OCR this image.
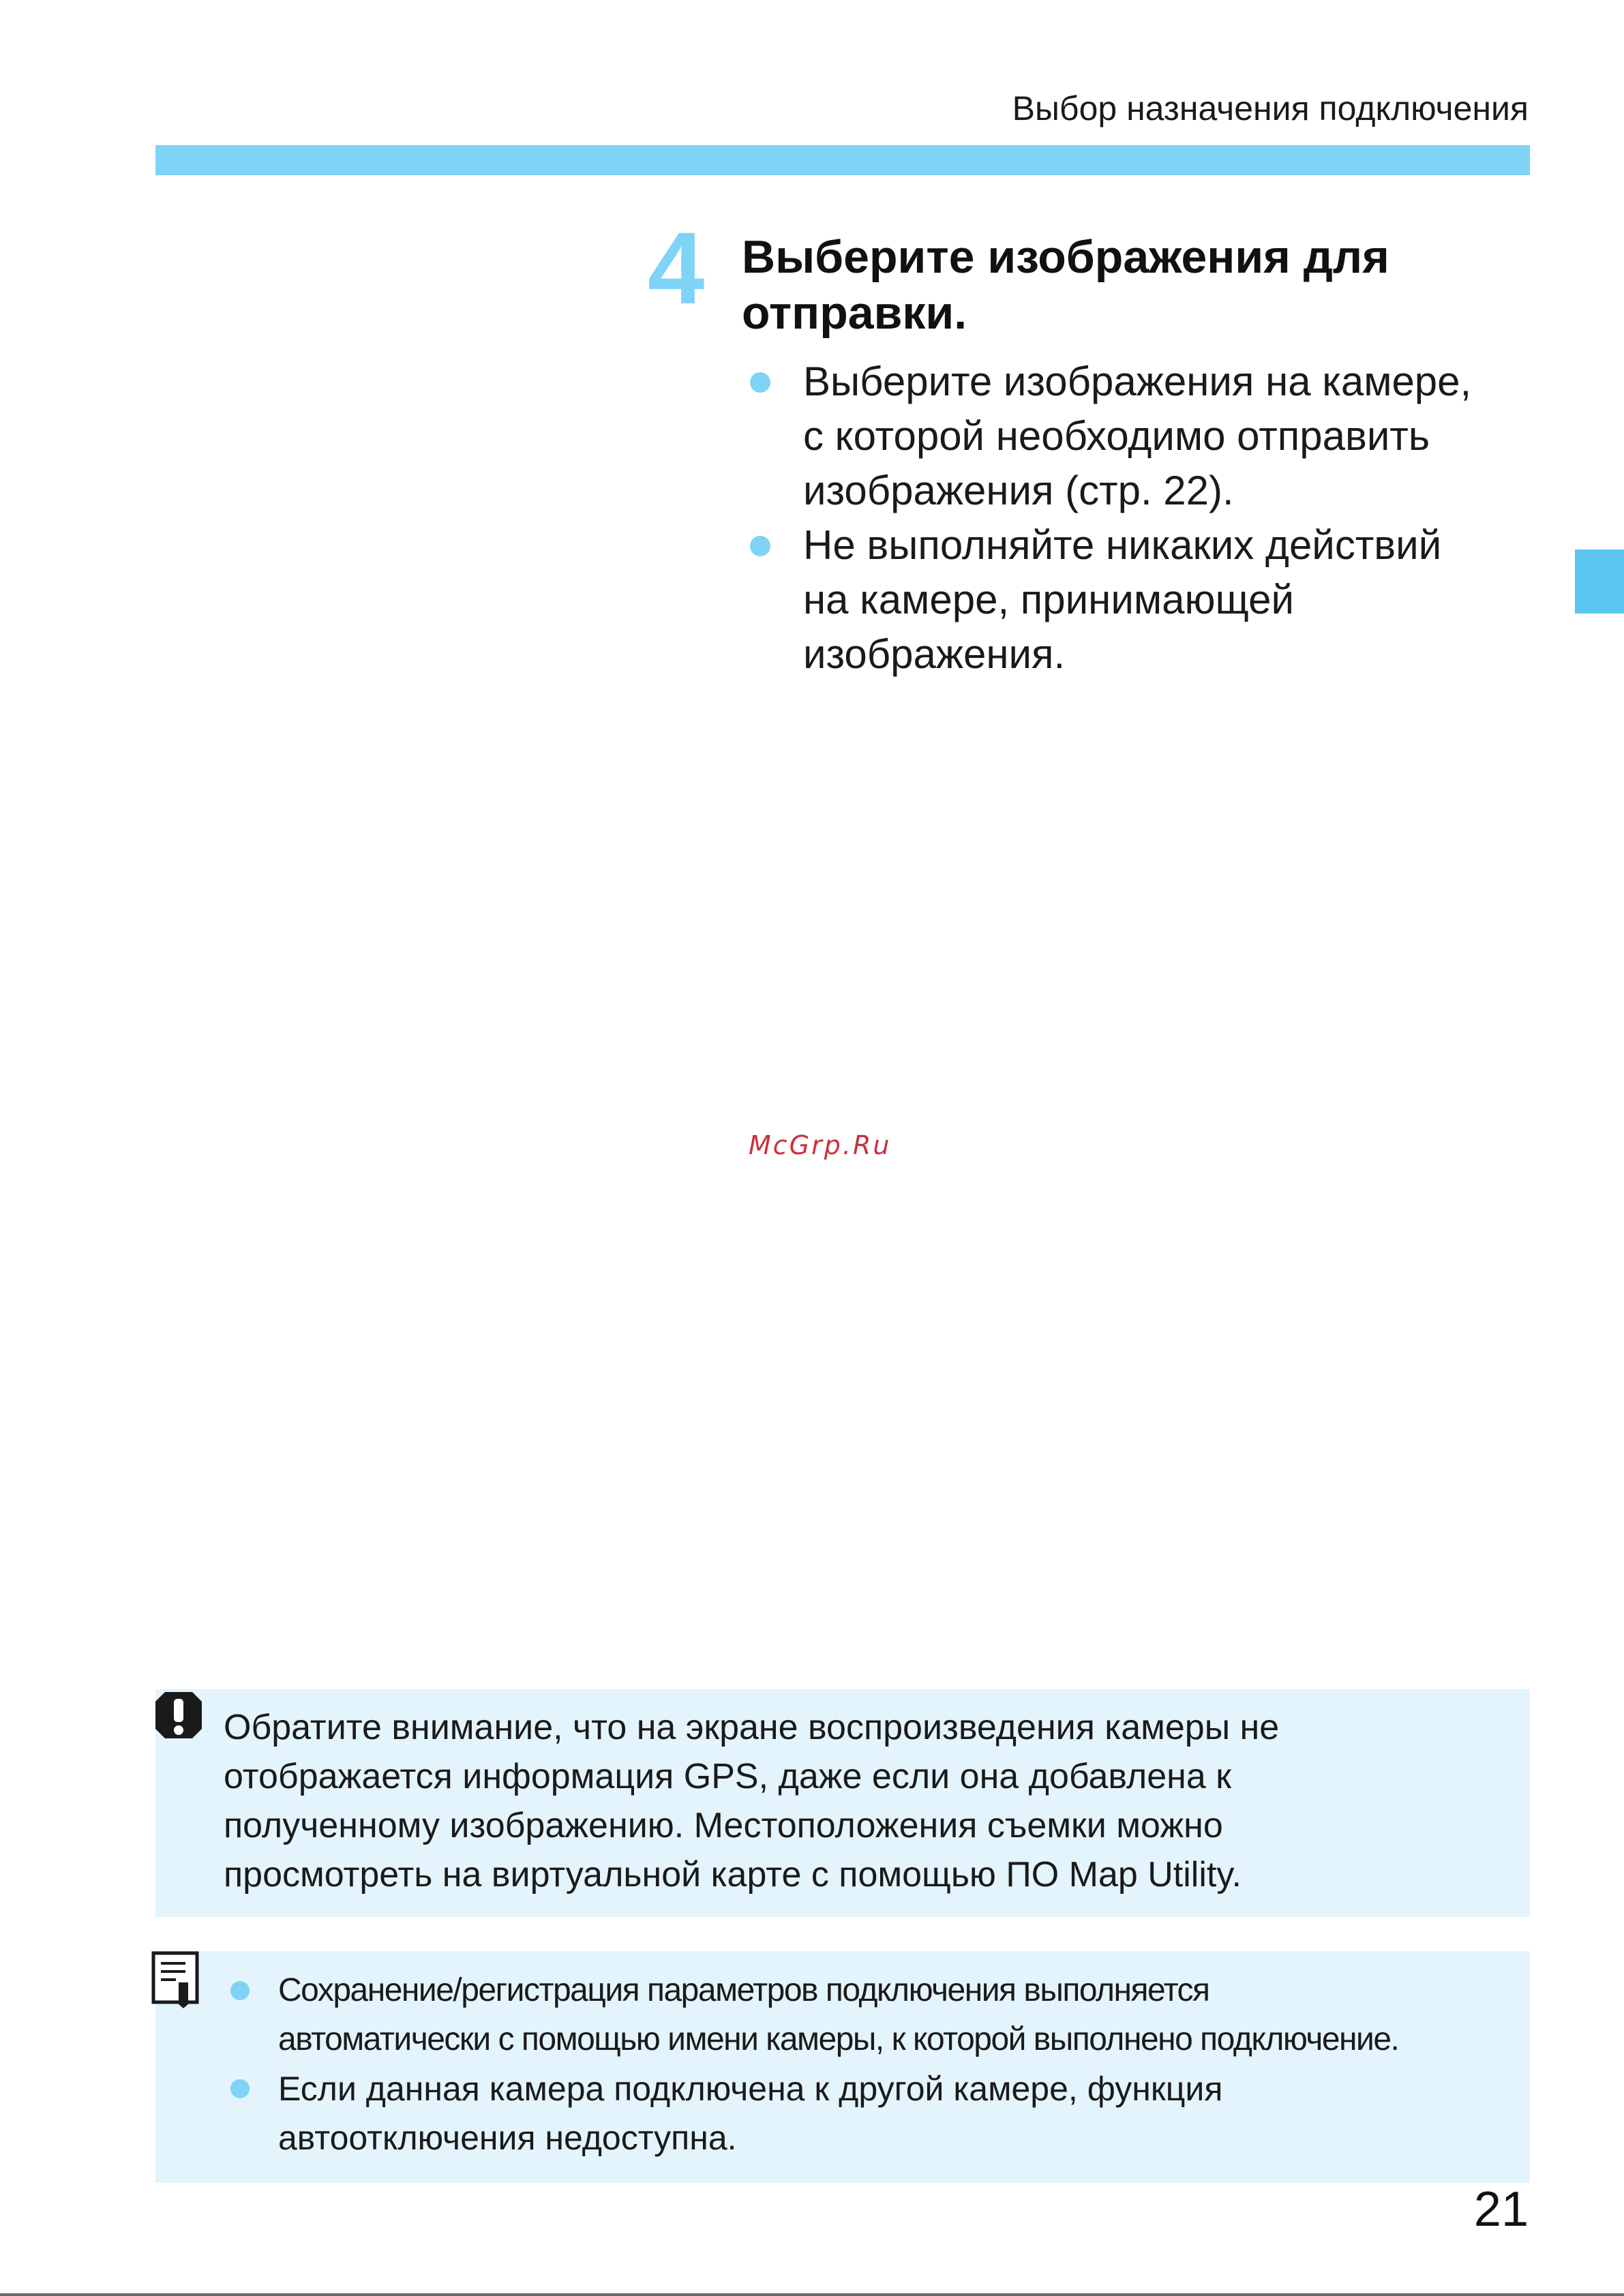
Выбор назначения подключения
4 Выберите изображения для
отправки.
Выберите изображения на камере,
с которой необходимо отправить
изображения (стр. 22).
Не выполняйте никаких действий
на камере, принимающей
изображения.
McGrp.Ru

Обратите внимание, что на экране воспроизведения камеры не

отображается информация GPS, даже если она добавлена к

полученному изображению. Местоположения съемки можно

просмотреть на виртуальной карте с помощью ПО Map Utility.

Сохранение/регистрация параметров подключения выполняется
автоматически с помощью имени камеры, к которой выполнено подключение.
Если данная камера подключена к другой камере, функция
автоотключения недоступна.
21
